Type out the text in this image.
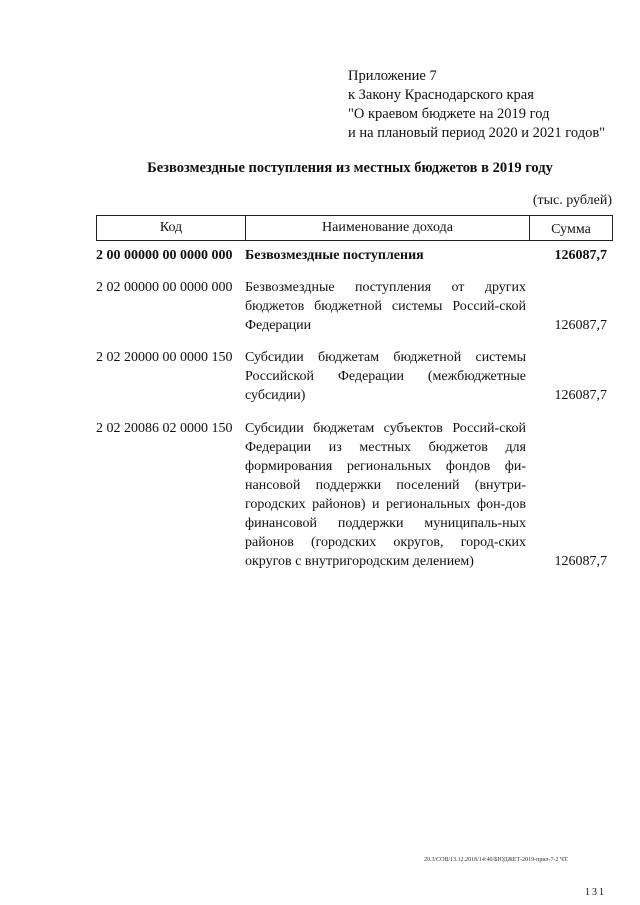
Приложение 7
к Закону Краснодарского края
"О краевом бюджете на 2019 год
и на плановый период 2020 и 2021 годов"
Безвозмездные поступления из местных бюджетов в 2019 году
(тыс. рублей)
Код	Наименование дохода	Сумма
2 00 00000 00 0000 000 Безвозмездные поступления	126087,7
2 02 00000 00 0000 000 Безвозмездные поступления от других бюджетов бюджетной системы Россий-ской Федерации	126087,7
2 02 20000 00 0000 150 Субсидии бюджетам бюджетной системы Российской Федерации (межбюджетные субсидии)	126087,7
2 02 20086 02 0000 150 Субсидии бюджетам субъектов Россий-ской Федерации из местных бюджетов для формирования региональных фондов фи-нансовой поддержки поселений (внутри-городских районов) и региональных фон-дов финансовой поддержки муниципаль-ных районов (городских округов, город-ских округов с внутригородским делением)	126087,7
20.3/СОВ/13.12.2018/14:40/БЮДЖЕТ-2019-прил-7-2 ЧТ.
131
